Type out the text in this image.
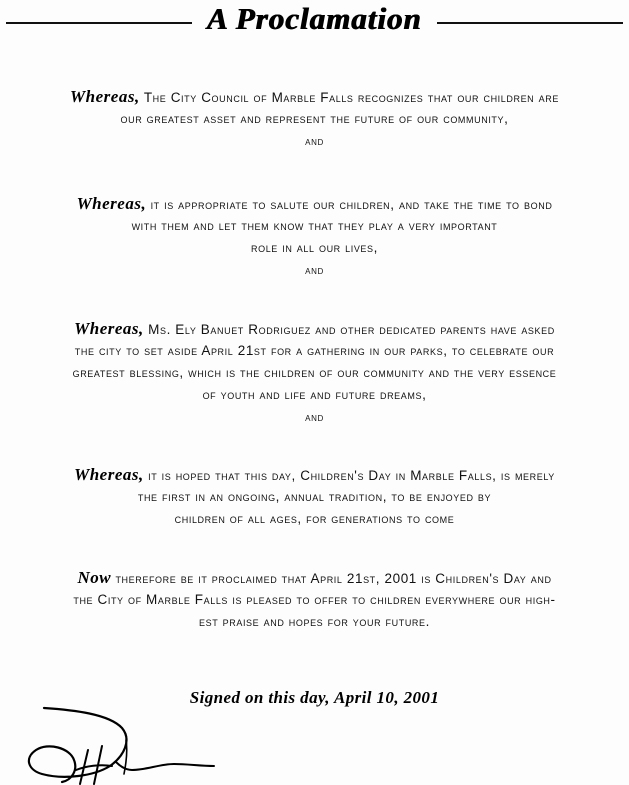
A Proclamation
Whereas, The City Council of Marble Falls recognizes that our children are
our greatest asset and represent the future of our community,
and
Whereas, it is appropriate to salute our children, and take the time to bond
with them and let them know that they play a very important
role in all our lives,
and
Whereas, Ms. Ely Banuet Rodriguez and other dedicated parents have asked
the city to set aside April 21st for a gathering in our parks, to celebrate our
greatest blessing, which is the children of our community and the very essence
of youth and life and future dreams,
and
Whereas, it is hoped that this day, Children's Day in Marble Falls, is merely
the first in an ongoing, annual tradition, to be enjoyed by
children of all ages, for generations to come
Now therefore be it proclaimed that April 21st, 2001 is Children's Day and
the City of Marble Falls is pleased to offer to children everywhere our high-
est praise and hopes for your future.
Signed on this day, April 10, 2001
